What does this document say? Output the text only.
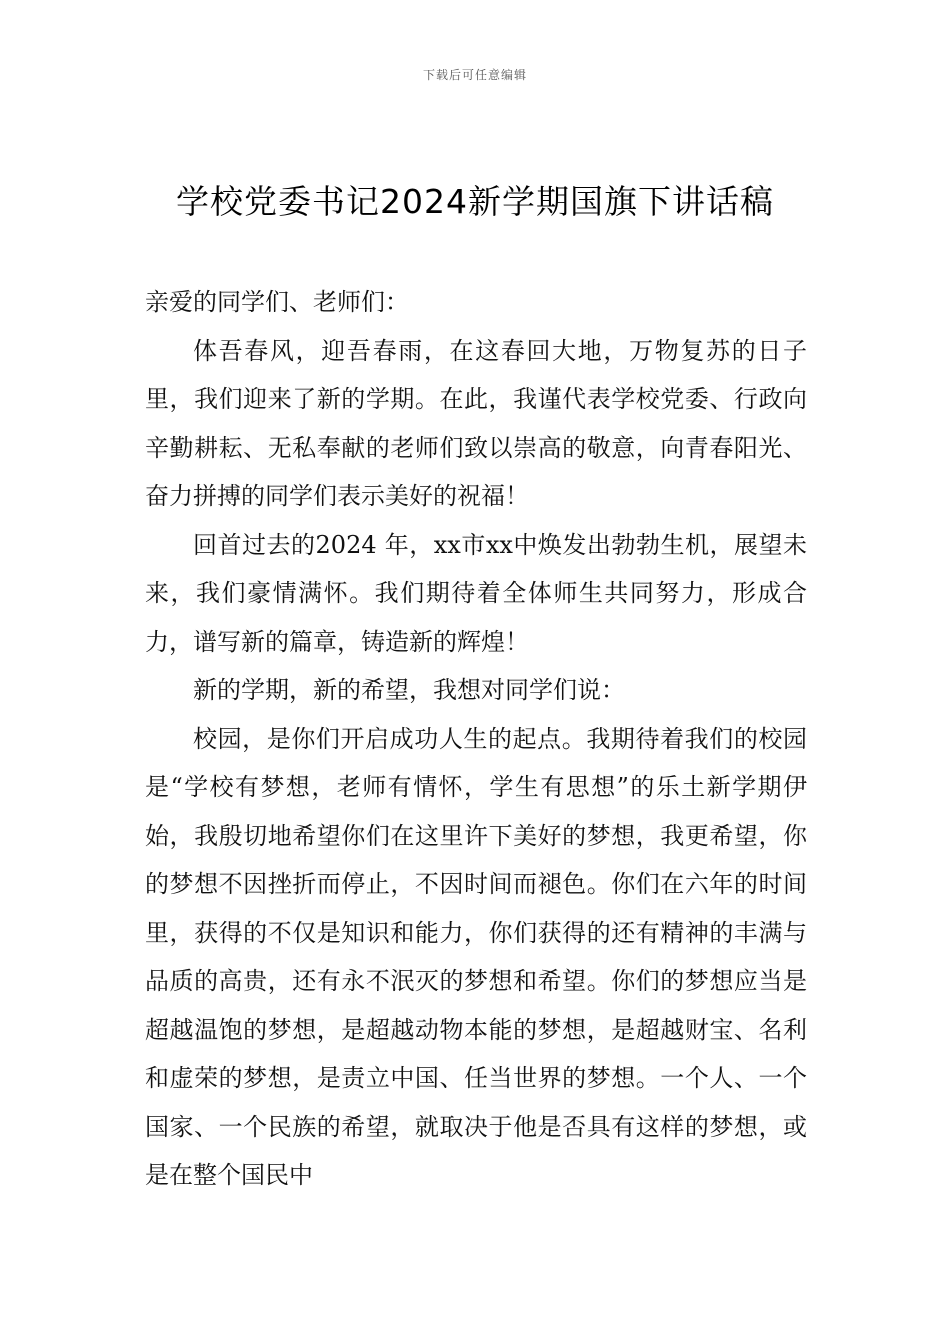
下载后可任意编辑
学校党委书记2024新学期国旗下讲话稿

亲爱的同学们、老师们：

体吾春风，迎吾春雨，在这春回大地，万物复苏的日子里，我们迎来了新的学期。在此，我谨代表学校党委、行政向辛勤耕耘、无私奉献的老师们致以崇高的敬意，向青春阳光、奋力拼搏的同学们表示美好的祝福！

回首过去的2024 年，xx市xx中焕发出勃勃生机，展望未来，我们豪情满怀。我们期待着全体师生共同努力，形成合力，谱写新的篇章，铸造新的辉煌！

新的学期，新的希望，我想对同学们说：

校园，是你们开启成功人生的起点。我期待着我们的校园是“学校有梦想，老师有情怀，学生有思想”的乐土新学期伊始，我殷切地希望你们在这里许下美好的梦想，我更希望，你的梦想不因挫折而停止，不因时间而褪色。你们在六年的时间里，获得的不仅是知识和能力，你们获得的还有精神的丰满与品质的高贵，还有永不泯灭的梦想和希望。你们的梦想应当是超越温饱的梦想，是超越动物本能的梦想，是超越财宝、名利和虚荣的梦想，是责立中国、任当世界的梦想。一个人、一个国家、一个民族的希望，就取决于他是否具有这样的梦想，或是在整个国民中
